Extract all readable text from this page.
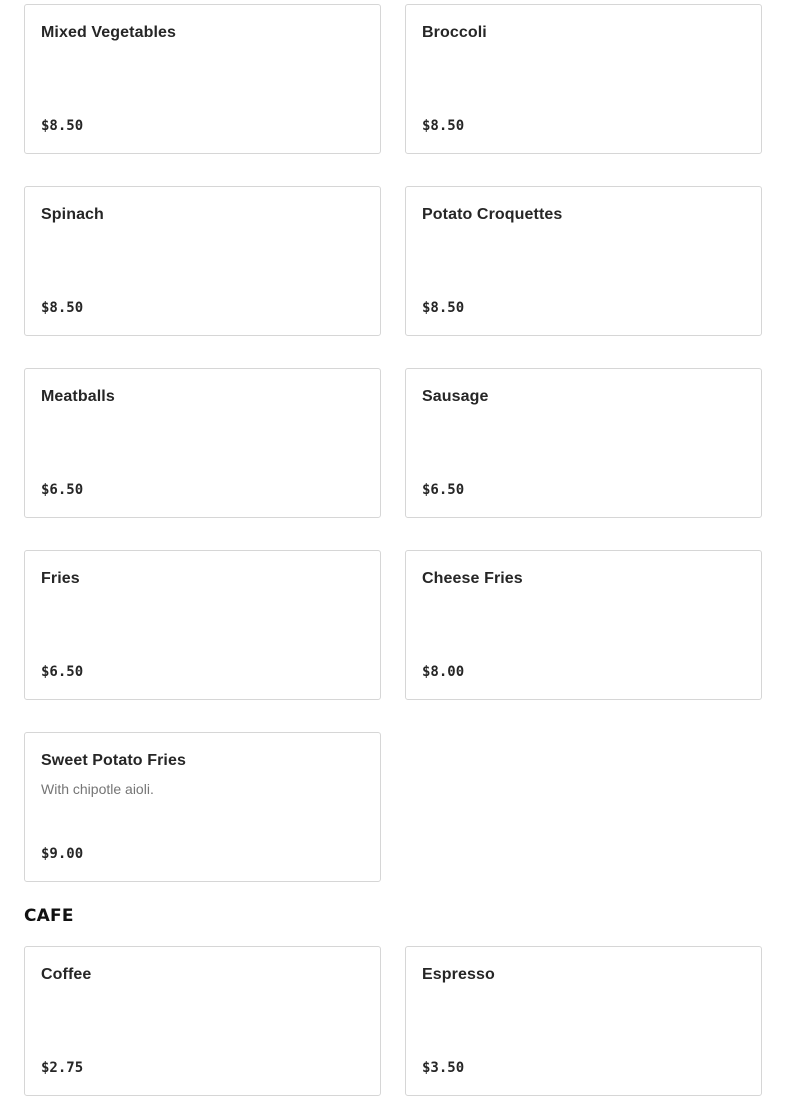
Mixed Vegetables
$8.50
Broccoli
$8.50
Spinach
$8.50
Potato Croquettes
$8.50
Meatballs
$6.50
Sausage
$6.50
Fries
$6.50
Cheese Fries
$8.00
Sweet Potato Fries
With chipotle aioli.
$9.00
CAFE
Coffee
$2.75
Espresso
$3.50
